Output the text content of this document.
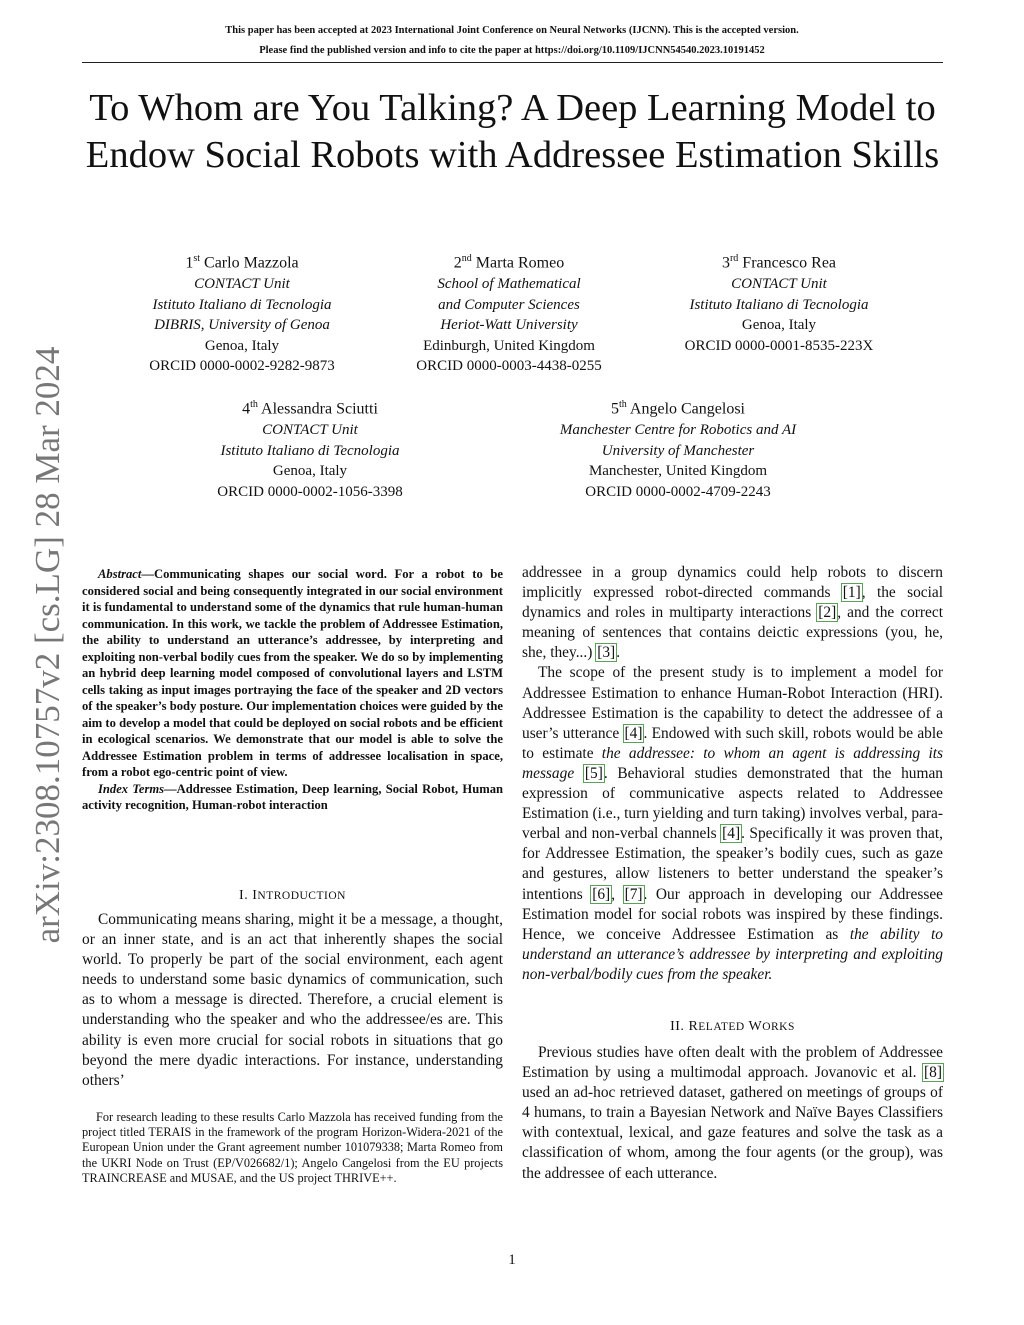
This paper has been accepted at 2023 International Joint Conference on Neural Networks (IJCNN). This is the accepted version.
Please find the published version and info to cite the paper at https://doi.org/10.1109/IJCNN54540.2023.10191452
arXiv:2308.10757v2 [cs.LG] 28 Mar 2024
To Whom are You Talking? A Deep Learning Model to Endow Social Robots with Addressee Estimation Skills
1st Carlo Mazzola
CONTACT Unit
Istituto Italiano di Tecnologia
DIBRIS, University of Genoa
Genoa, Italy
ORCID 0000-0002-9282-9873
2nd Marta Romeo
School of Mathematical
and Computer Sciences
Heriot-Watt University
Edinburgh, United Kingdom
ORCID 0000-0003-4438-0255
3rd Francesco Rea
CONTACT Unit
Istituto Italiano di Tecnologia
Genoa, Italy
ORCID 0000-0001-8535-223X
4th Alessandra Sciutti
CONTACT Unit
Istituto Italiano di Tecnologia
Genoa, Italy
ORCID 0000-0002-1056-3398
5th Angelo Cangelosi
Manchester Centre for Robotics and AI
University of Manchester
Manchester, United Kingdom
ORCID 0000-0002-4709-2243

Abstract—Communicating shapes our social word. For a robot to be considered social and being consequently integrated in our social environment it is fundamental to understand some of the dynamics that rule human-human communication. In this work, we tackle the problem of Addressee Estimation, the ability to understand an utterance’s addressee, by interpreting and exploiting non-verbal bodily cues from the speaker. We do so by implementing an hybrid deep learning model composed of convolutional layers and LSTM cells taking as input images portraying the face of the speaker and 2D vectors of the speaker’s body posture. Our implementation choices were guided by the aim to develop a model that could be deployed on social robots and be efficient in ecological scenarios. We demonstrate that our model is able to solve the Addressee Estimation problem in terms of addressee localisation in space, from a robot ego-centric point of view.

Index Terms—Addressee Estimation, Deep learning, Social Robot, Human activity recognition, Human-robot interaction

I. INTRODUCTION

Communicating means sharing, might it be a message, a thought, or an inner state, and is an act that inherently shapes the social world. To properly be part of the social environment, each agent needs to understand some basic dynamics of communication, such as to whom a message is directed. Therefore, a crucial element is understanding who the speaker and who the addressee/es are. This ability is even more crucial for social robots in situations that go beyond the mere dyadic interactions. For instance, understanding others’

For research leading to these results Carlo Mazzola has received funding from the project titled TERAIS in the framework of the program Horizon-Widera-2021 of the European Union under the Grant agreement number 101079338; Marta Romeo from the UKRI Node on Trust (EP/V026682/1); Angelo Cangelosi from the EU projects TRAINCREASE and MUSAE, and the US project THRIVE++.

addressee in a group dynamics could help robots to discern implicitly expressed robot-directed commands [1], the social dynamics and roles in multiparty interactions [2], and the correct meaning of sentences that contains deictic expressions (you, he, she, they...) [3].

The scope of the present study is to implement a model for Addressee Estimation to enhance Human-Robot Interaction (HRI). Addressee Estimation is the capability to detect the addressee of a user’s utterance [4]. Endowed with such skill, robots would be able to estimate the addressee: to whom an agent is addressing its message [5]. Behavioral studies demonstrated that the human expression of communicative aspects related to Addressee Estimation (i.e., turn yielding and turn taking) involves verbal, para-verbal and non-verbal channels [4]. Specifically it was proven that, for Addressee Estimation, the speaker’s bodily cues, such as gaze and gestures, allow listeners to better understand the speaker’s intentions [6], [7]. Our approach in developing our Addressee Estimation model for social robots was inspired by these findings. Hence, we conceive Addressee Estimation as the ability to understand an utterance’s addressee by interpreting and exploiting non-verbal/bodily cues from the speaker.

II. RELATED WORKS

Previous studies have often dealt with the problem of Addressee Estimation by using a multimodal approach. Jovanovic et al. [8] used an ad-hoc retrieved dataset, gathered on meetings of groups of 4 humans, to train a Bayesian Network and Naïve Bayes Classifiers with contextual, lexical, and gaze features and solve the task as a classification of whom, among the four agents (or the group), was the addressee of each utterance.

1
